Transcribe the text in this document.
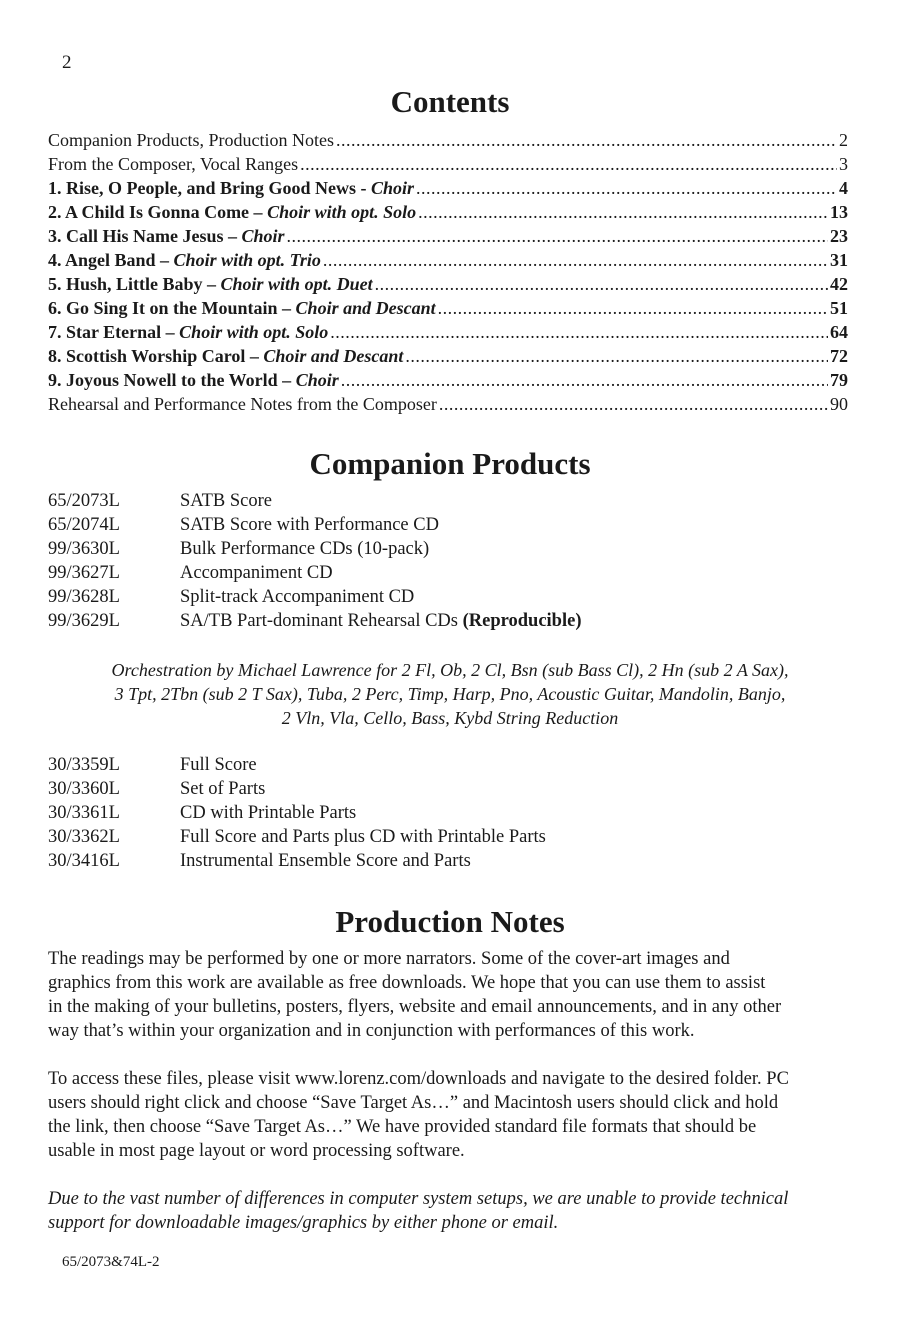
2
Contents
Companion Products, Production Notes .....	2
From the Composer, Vocal Ranges .....	3
1. Rise, O People, and Bring Good News - Choir .....	4
2. A Child Is Gonna Come – Choir with opt. Solo .....	13
3. Call His Name Jesus – Choir .....	23
4. Angel Band – Choir with opt. Trio .....	31
5. Hush, Little Baby – Choir with opt. Duet .....	42
6. Go Sing It on the Mountain – Choir and Descant .....	51
7. Star Eternal – Choir with opt. Solo .....	64
8. Scottish Worship Carol – Choir and Descant .....	72
9. Joyous Nowell to the World – Choir .....	79
Rehearsal and Performance Notes from the Composer .....	90
Companion Products
65/2073L	SATB Score
65/2074L	SATB Score with Performance CD
99/3630L	Bulk Performance CDs (10-pack)
99/3627L	Accompaniment CD
99/3628L	Split-track Accompaniment CD
99/3629L	SA/TB Part-dominant Rehearsal CDs (Reproducible)

Orchestration by Michael Lawrence for 2 Fl, Ob, 2 Cl, Bsn (sub Bass Cl), 2 Hn (sub 2 A Sax),
3 Tpt, 2Tbn (sub 2 T Sax), Tuba, 2 Perc, Timp, Harp, Pno, Acoustic Guitar, Mandolin, Banjo,
2 Vln, Vla, Cello, Bass, Kybd String Reduction

30/3359L	Full Score
30/3360L	Set of Parts
30/3361L	CD with Printable Parts
30/3362L	Full Score and Parts plus CD with Printable Parts
30/3416L	Instrumental Ensemble Score and Parts
Production Notes

The readings may be performed by one or more narrators. Some of the cover-art images and
graphics from this work are available as free downloads. We hope that you can use them to assist
in the making of your bulletins, posters, flyers, website and email announcements, and in any other
way that’s within your organization and in conjunction with performances of this work.

To access these files, please visit www.lorenz.com/downloads and navigate to the desired folder. PC
users should right click and choose “Save Target As…” and Macintosh users should click and hold
the link, then choose “Save Target As…” We have provided standard file formats that should be
usable in most page layout or word processing software.

Due to the vast number of differences in computer system setups, we are unable to provide technical
support for downloadable images/graphics by either phone or email.

65/2073&74L-2
